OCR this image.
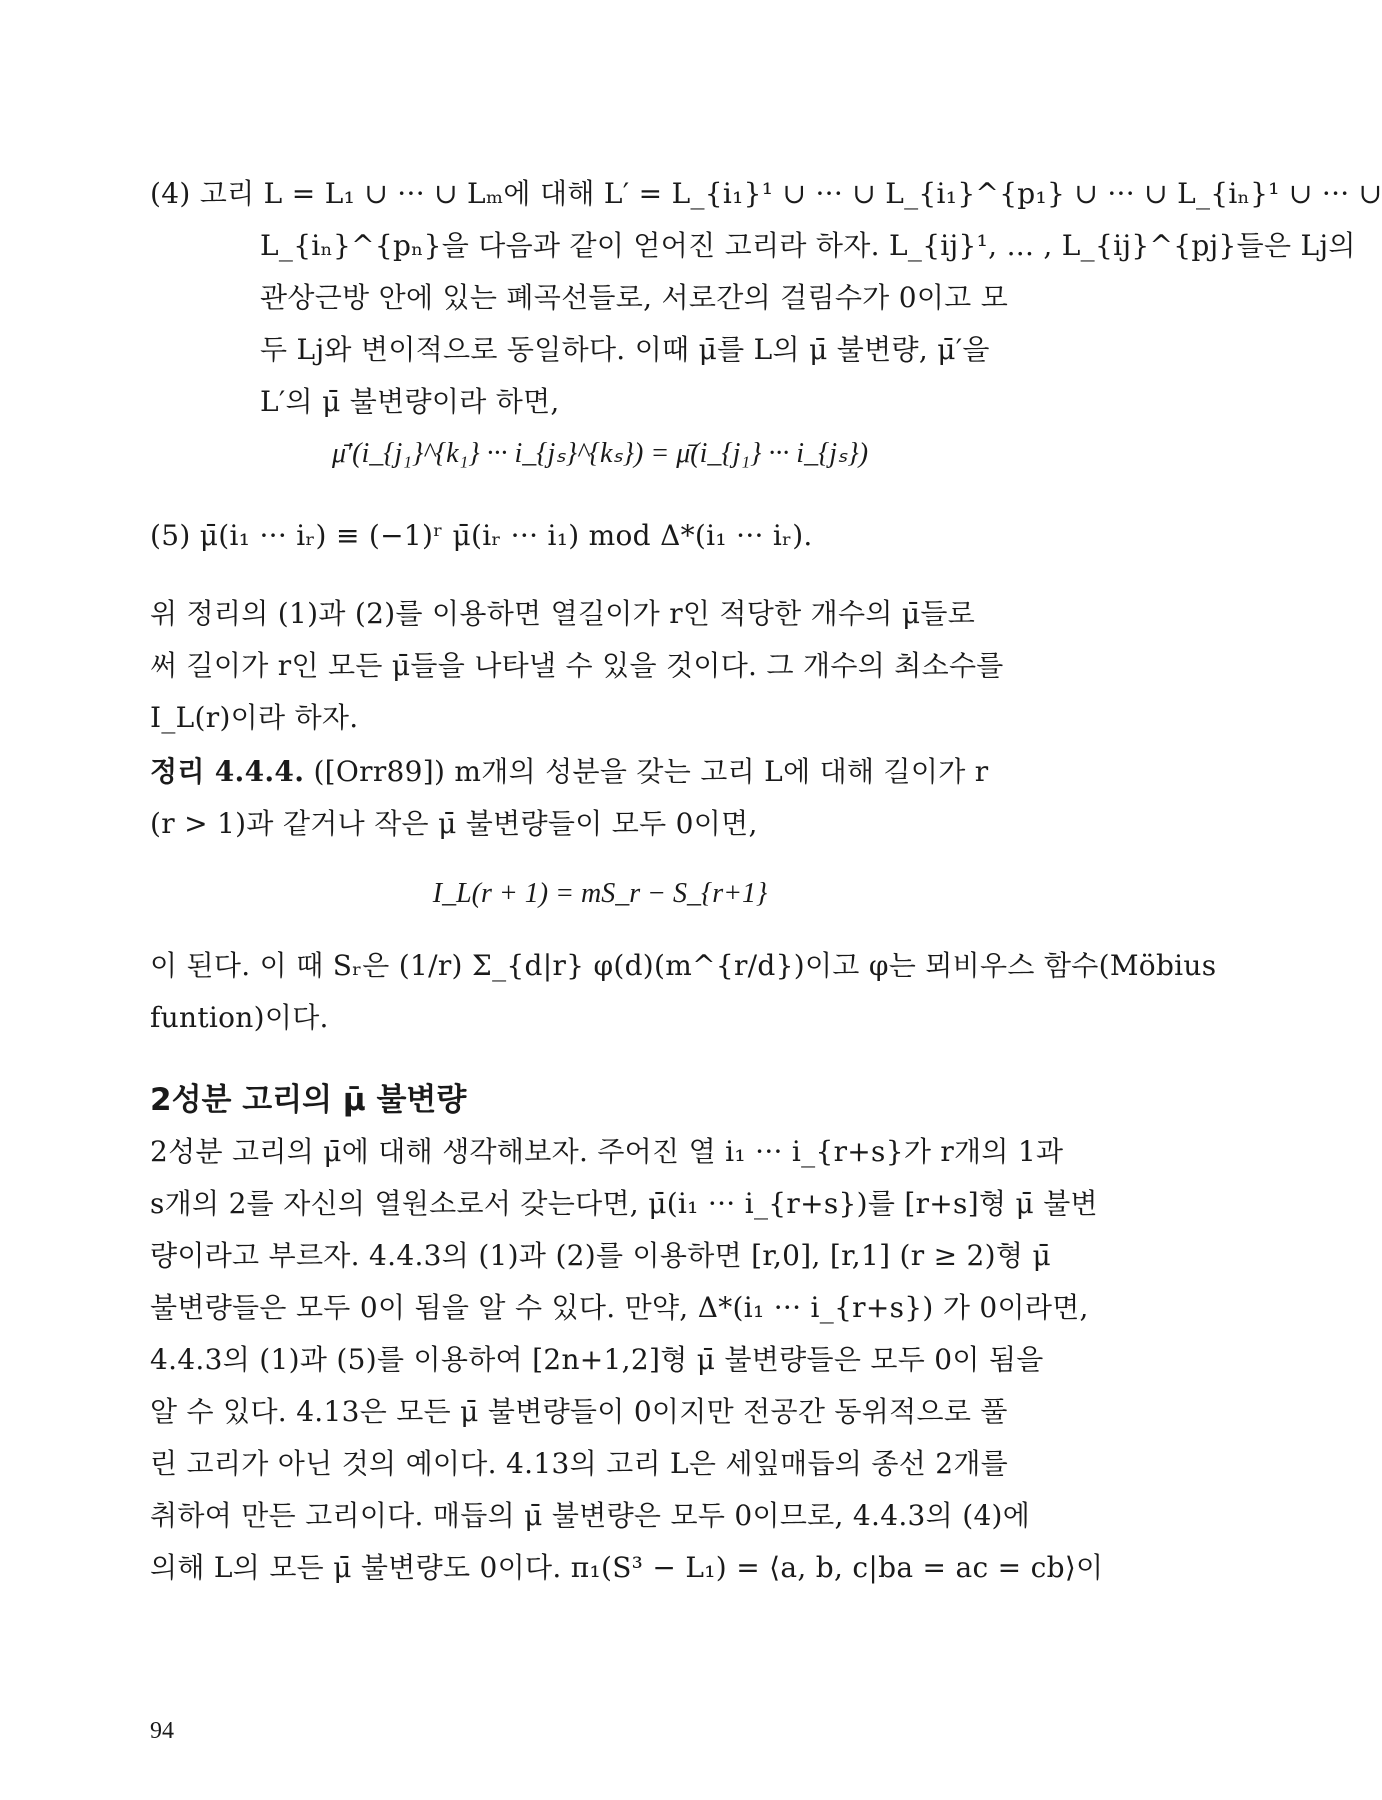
(4) 고리 L = L₁ ∪ ··· ∪ Lₘ에 대해 L′ = L_{i₁}¹ ∪ ··· ∪ L_{i₁}^{p₁} ∪ ··· ∪ L_{iₙ}¹ ∪ ··· ∪
L_{iₙ}^{pₙ}을 다음과 같이 얻어진 고리라 하자. L_{ij}¹, ... , L_{ij}^{pj}들은 Lj의
관상근방 안에 있는 폐곡선들로, 서로간의 걸림수가 0이고 모
두 Lj와 변이적으로 동일하다. 이때 μ̄를 L의 μ̄ 불변량, μ̄′을
L′의 μ̄ 불변량이라 하면,
μ̄′(i_{j₁}^{k₁} ··· i_{jₛ}^{kₛ}) = μ̄(i_{j₁} ··· i_{jₛ})
(5) μ̄(i₁ ··· iᵣ) ≡ (−1)ʳ μ̄(iᵣ ··· i₁) mod Δ*(i₁ ··· iᵣ).
위 정리의 (1)과 (2)를 이용하면 열길이가 r인 적당한 개수의 μ̄들로
써 길이가 r인 모든 μ̄들을 나타낼 수 있을 것이다. 그 개수의 최소수를
I_L(r)이라 하자.
정리 4.4.4. ([Orr89]) m개의 성분을 갖는 고리 L에 대해 길이가 r
(r > 1)과 같거나 작은 μ̄ 불변량들이 모두 0이면,
I_L(r + 1) = mS_r − S_{r+1}
이 된다. 이 때 Sᵣ은 (1/r) Σ_{d|r} φ(d)(m^{r/d})이고 φ는 뫼비우스 함수(Möbius
funtion)이다.
2성분 고리의 μ̄ 불변량
2성분 고리의 μ̄에 대해 생각해보자. 주어진 열 i₁ ··· i_{r+s}가 r개의 1과
s개의 2를 자신의 열원소로서 갖는다면, μ̄(i₁ ··· i_{r+s})를 [r+s]형 μ̄ 불변
량이라고 부르자. 4.4.3의 (1)과 (2)를 이용하면 [r,0], [r,1] (r ≥ 2)형 μ̄
불변량들은 모두 0이 됨을 알 수 있다. 만약, Δ*(i₁ ··· i_{r+s}) 가 0이라면,
4.4.3의 (1)과 (5)를 이용하여 [2n+1,2]형 μ̄ 불변량들은 모두 0이 됨을
알 수 있다. 4.13은 모든 μ̄ 불변량들이 0이지만 전공간 동위적으로 풀
린 고리가 아닌 것의 예이다. 4.13의 고리 L은 세잎매듭의 종선 2개를
취하여 만든 고리이다. 매듭의 μ̄ 불변량은 모두 0이므로, 4.4.3의 (4)에
의해 L의 모든 μ̄ 불변량도 0이다. π₁(S³ − L₁) = ⟨a, b, c|ba = ac = cb⟩이

94
